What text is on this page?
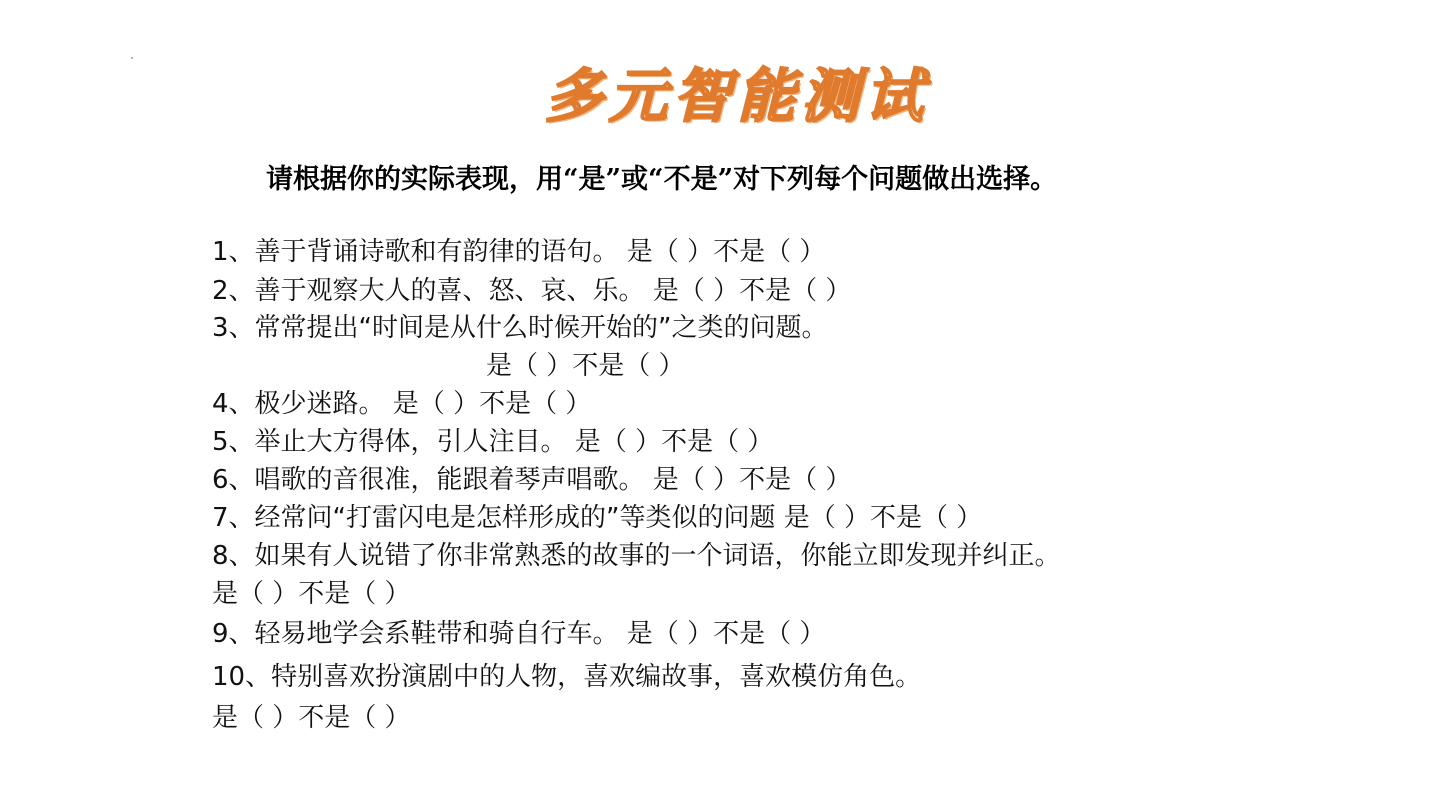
多元智能测试
请根据你的实际表现，用“是”或“不是”对下列每个问题做出选择。
1、善于背诵诗歌和有韵律的语句。 是（ ）不是（ ）
2、善于观察大人的喜、怒、哀、乐。 是（ ）不是（ ）
3、常常提出“时间是从什么时候开始的”之类的问题。
是（ ）不是（ ）
4、极少迷路。 是（ ）不是（ ）
5、举止大方得体，引人注目。 是（ ）不是（ ）
6、唱歌的音很准，能跟着琴声唱歌。 是（ ）不是（ ）
7、经常问“打雷闪电是怎样形成的”等类似的问题 是（ ）不是（ ）
8、如果有人说错了你非常熟悉的故事的一个词语，你能立即发现并纠正。
是（ ）不是（ ）
9、轻易地学会系鞋带和骑自行车。 是（ ）不是（ ）
10、特别喜欢扮演剧中的人物，喜欢编故事，喜欢模仿角色。
是（ ）不是（ ）
